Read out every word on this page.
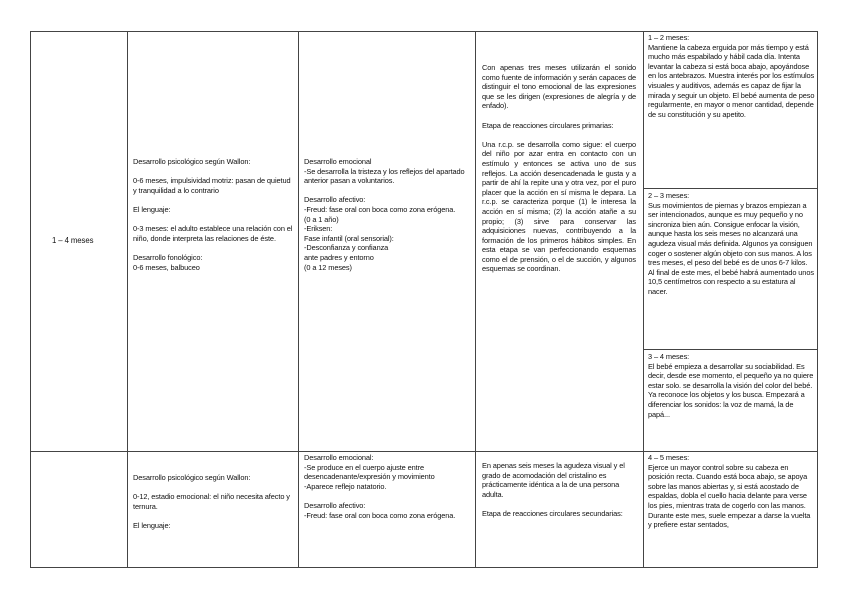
1 – 4 meses

Desarrollo psicológico según Wallon:

0-6 meses, impulsividad motriz: pasan de quietud y tranquilidad a lo contrario

El lenguaje:

0-3 meses: el adulto establece una relación con el niño, donde interpreta las relaciones de éste.

Desarrollo fonológico:
0-6 meses, balbuceo

Desarrollo emocional
-Se desarrolla la tristeza y los reflejos del apartado anterior pasan a voluntarios.

Desarrollo afectivo:
-Freud: fase oral con boca como zona erógena.
(0 a 1 año)
-Eriksen:
Fase infantil (oral sensorial):
-Desconfianza y confianza
ante padres y entorno
(0 a 12 meses)

Con apenas tres meses utilizarán el sonido como fuente de información y serán capaces de distinguir el tono emocional de las expresiones que se les dirigen (expresiones de alegría y de enfado).

Etapa de reacciones circulares primarias:

Una r.c.p. se desarrolla como sigue: el cuerpo del niño por azar entra en contacto con un estímulo y entonces se activa uno de sus reflejos. La acción desencadenada le gusta y a partir de ahí la repite una y otra vez, por el puro placer que la acción en sí misma le depara. La r.c.p. se caracteriza porque (1) le interesa la acción en sí misma; (2) la acción atañe a su propio; (3) sirve para conservar las adquisiciones nuevas, contribuyendo a la formación de los primeros hábitos simples. En esta etapa se van perfeccionando esquemas como el de prensión, o el de succión, y algunos esquemas se coordinan.

1 – 2 meses:
Mantiene la cabeza erguida por más tiempo y está mucho más espabilado y hábil cada día. Intenta levantar la cabeza si está boca abajo, apoyándose en los antebrazos. Muestra interés por los estímulos visuales y auditivos, además es capaz de fijar la mirada y seguir un objeto. El bebé aumenta de peso regularmente, en mayor o menor cantidad, depende de su constitución y su apetito.
2 – 3 meses:
Sus movimientos de piernas y brazos empiezan a ser intencionados, aunque es muy pequeño y no sincroniza bien aún. Consigue enfocar la visión, aunque hasta los seis meses no alcanzará una agudeza visual más definida. Algunos ya consiguen coger o sostener algún objeto con sus manos. A los tres meses, el peso del bebé es de unos 6-7 kilos. Al final de este mes, el bebé habrá aumentado unos 10,5 centímetros con respecto a su estatura al nacer.
3 – 4 meses:
El bebé empieza a desarrollar su sociabilidad. Es decir, desde ese momento, el pequeño ya no quiere estar solo. se desarrolla la visión del color del bebé. Ya reconoce los objetos y los busca. Empezará a diferenciar los sonidos: la voz de mamá, la de papá...

Desarrollo psicológico según Wallon:

0-12, estadio emocional: el niño necesita afecto y ternura.

El lenguaje:

Desarrollo emocional:
-Se produce en el cuerpo ajuste entre desencadenante/expresión y movimiento
-Aparece reflejo natatorio.

Desarrollo afectivo:
-Freud: fase oral con boca como zona erógena.

En apenas seis meses la agudeza visual y el grado de acomodación del cristalino es prácticamente idéntica a la de una persona adulta.

Etapa de reacciones circulares secundarias:

4 – 5 meses:
Ejerce un mayor control sobre su cabeza en posición recta. Cuando está boca abajo, se apoya sobre las manos abiertas y, si está acostado de espaldas, dobla el cuello hacia delante para verse los pies, mientras trata de cogerlo con las manos. Durante este mes, suele empezar a darse la vuelta y prefiere estar sentados,
